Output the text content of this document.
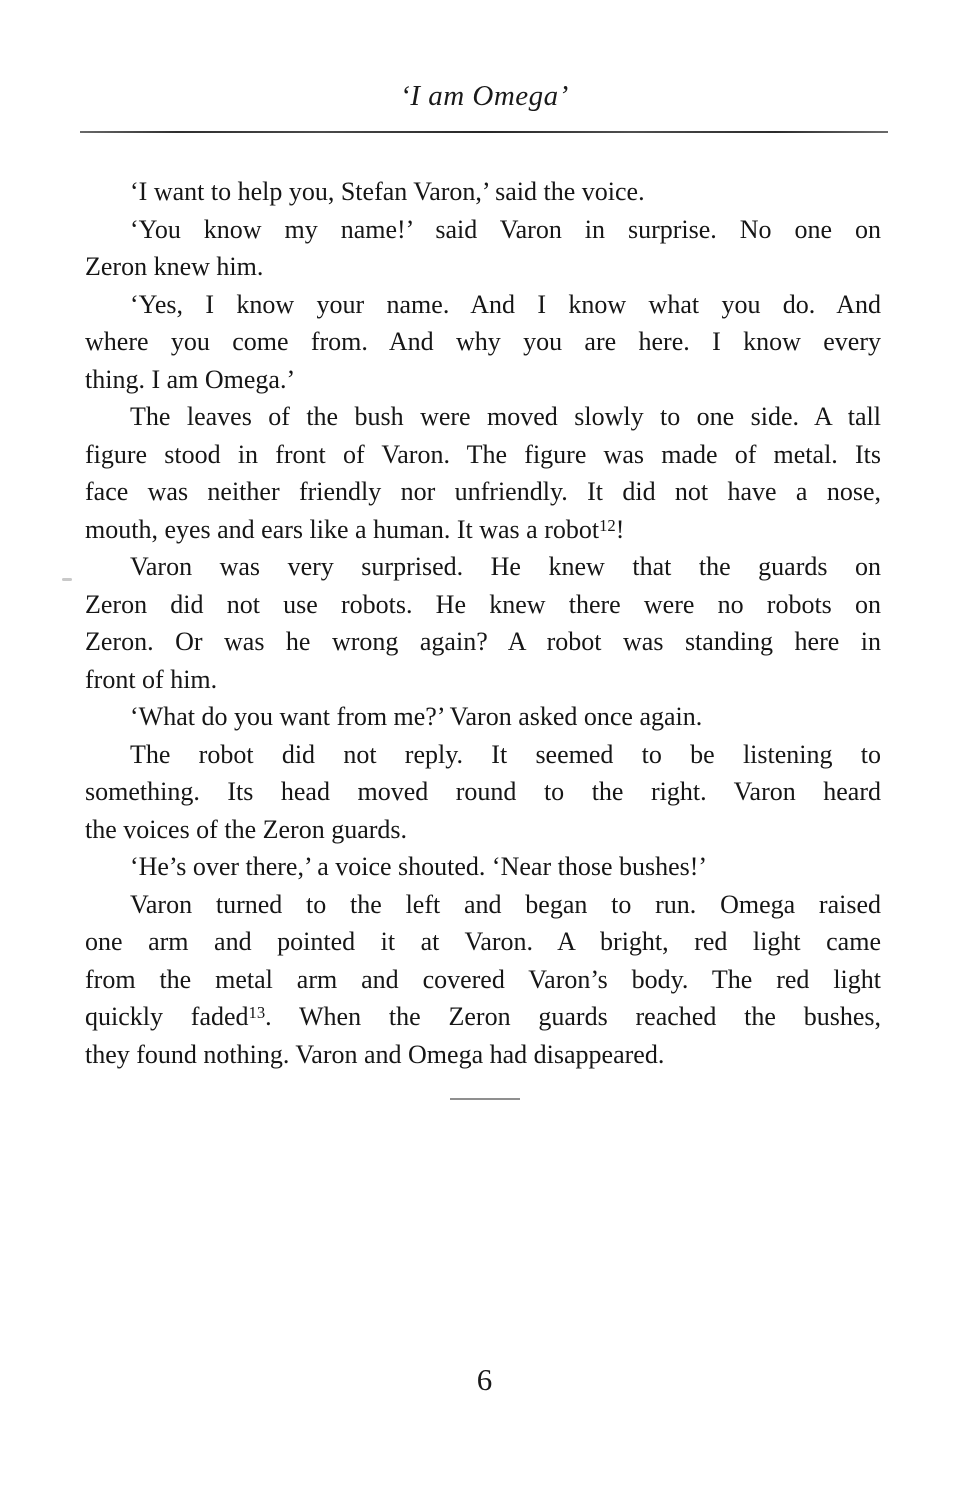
‘I am Omega’

‘I want to help you, Stefan Varon,’ said the voice.

‘You know my name!’ said Varon in surprise. No one on
Zeron knew him.

‘Yes, I know your name. And I know what you do. And
where you come from. And why you are here. I know every
thing. I am Omega.’

The leaves of the bush were moved slowly to one side. A tall
figure stood in front of Varon. The figure was made of metal. Its
face was neither friendly nor unfriendly. It did not have a nose,
mouth, eyes and ears like a human. It was a robot$^{12}$!

Varon was very surprised. He knew that the guards on
Zeron did not use robots. He knew there were no robots on
Zeron. Or was he wrong again? A robot was standing here in
front of him.

‘What do you want from me?’ Varon asked once again.

The robot did not reply. It seemed to be listening to
something. Its head moved round to the right. Varon heard
the voices of the Zeron guards.

‘He’s over there,’ a voice shouted. ‘Near those bushes!’

Varon turned to the left and began to run. Omega raised
one arm and pointed it at Varon. A bright, red light came
from the metal arm and covered Varon’s body. The red light
quickly faded$^{13}$. When the Zeron guards reached the bushes,
they found nothing. Varon and Omega had disappeared.

6
